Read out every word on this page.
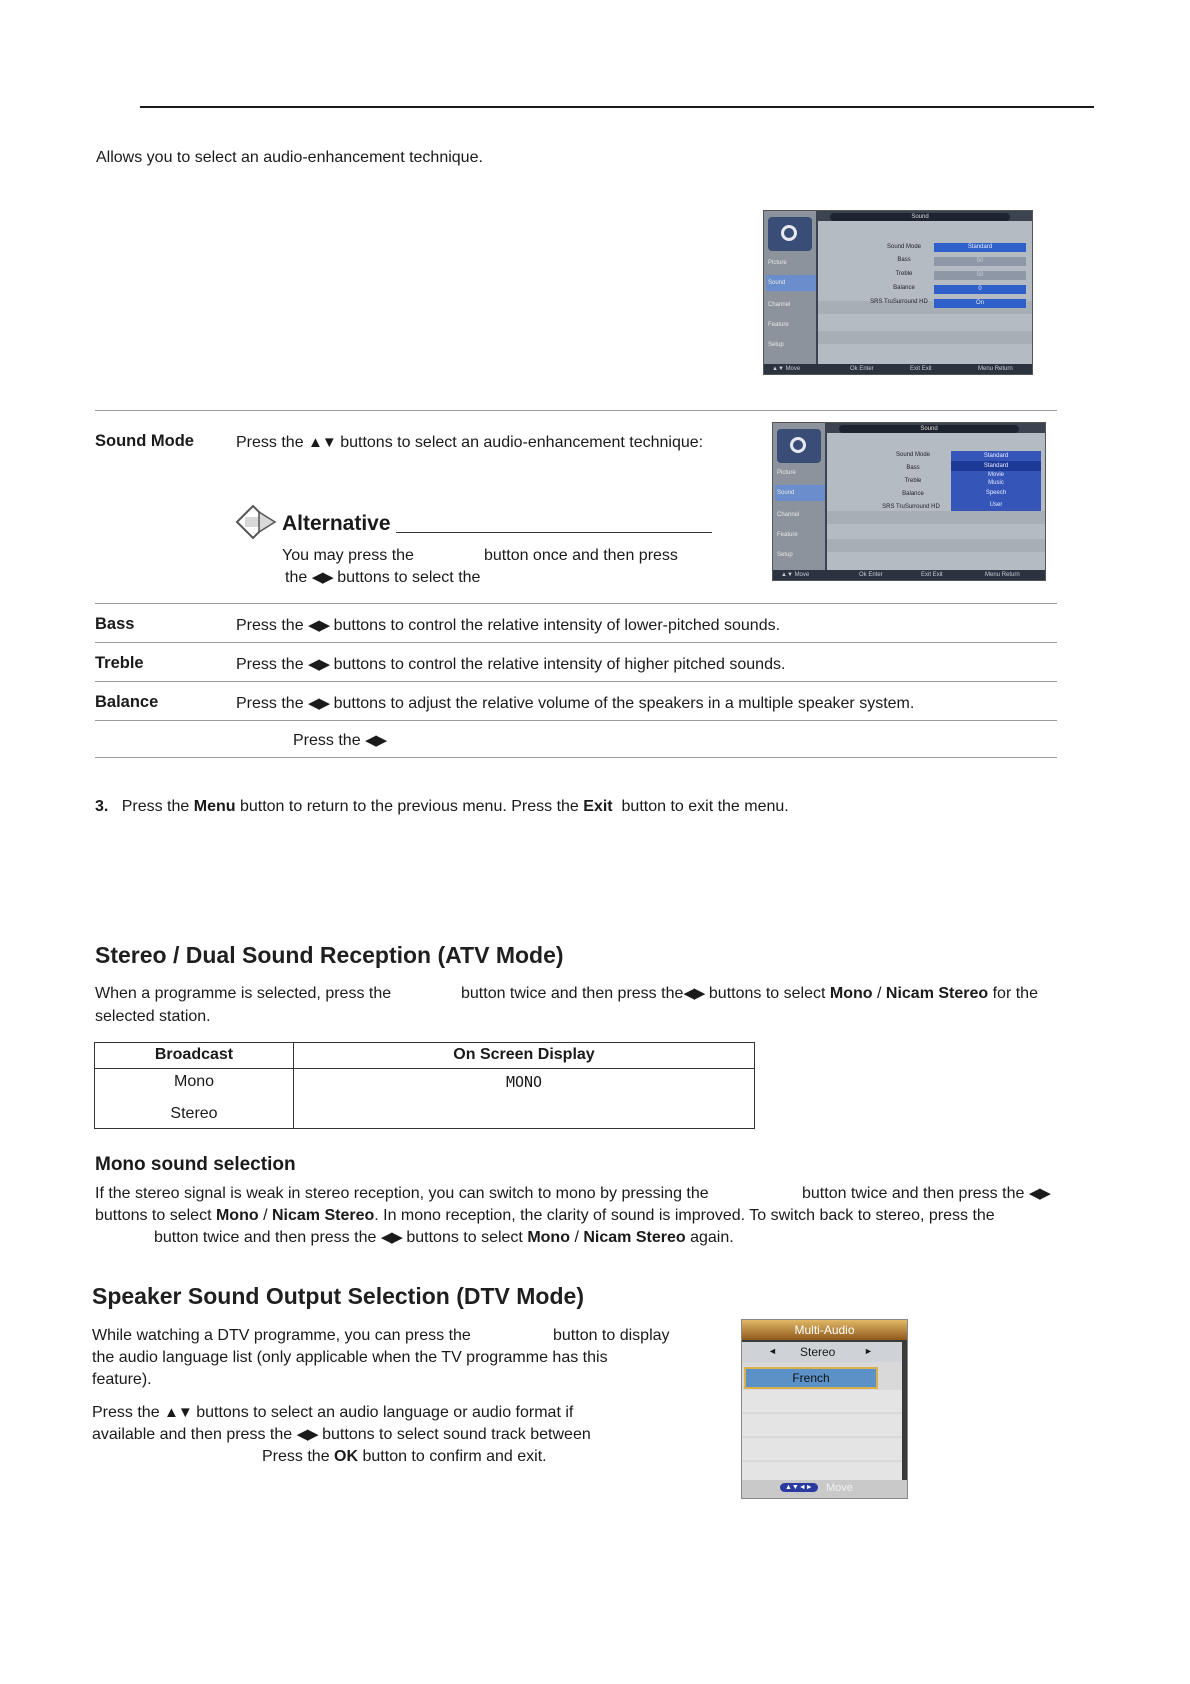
Allows you to select an audio-enhancement technique.
Sound
Picture
Sound
Channel
Feature
Setup
Sound Mode	Standard
Bass	50
Treble	50
Balance	0
SRS TruSurround HD	On
▲▼ Move	Ok Enter	Exit Exit	Menu Return
Sound Mode	Press the ▲▼ buttons to select an audio-enhancement technique:
Alternative
You may press the	button once and then press
the ◀▶ buttons to select the
Sound
Picture
Sound
Channel
Feature
Setup
Sound Mode
Bass
Treble
Balance
SRS TruSurround HD
Standard
Standard
Movie
Music
Speech
User
▲▼ Move	Ok Enter	Exit Exit	Menu Return
Bass	Press the ◀▶ buttons to control the relative intensity of lower-pitched sounds.
Treble	Press the ◀▶ buttons to control the relative intensity of higher pitched sounds.
Balance	Press the ◀▶ buttons to adjust the relative volume of the speakers in a multiple speaker system.
Press the ◀▶
3. Press the Menu button to return to the previous menu. Press the Exit button to exit the menu.
Stereo / Dual Sound Reception (ATV Mode)
When a programme is selected, press the	button twice and then press the◀▶ buttons to select Mono / Nicam Stereo for the
selected station.
Broadcast	On Screen Display
Mono	MONO
Stereo
Mono sound selection
If the stereo signal is weak in stereo reception, you can switch to mono by pressing the	button twice and then press the ◀▶
buttons to select Mono / Nicam Stereo. In mono reception, the clarity of sound is improved. To switch back to stereo, press the
button twice and then press the ◀▶ buttons to select Mono / Nicam Stereo again.
Speaker Sound Output Selection (DTV Mode)
While watching a DTV programme, you can press the	button to display
the audio language list (only applicable when the TV programme has this
feature).
Press the ▲▼ buttons to select an audio language or audio format if
available and then press the ◀▶ buttons to select sound track between
Press the OK button to confirm and exit.
Multi-Audio
◄ Stereo	►
French
▲▼◄►	Move
